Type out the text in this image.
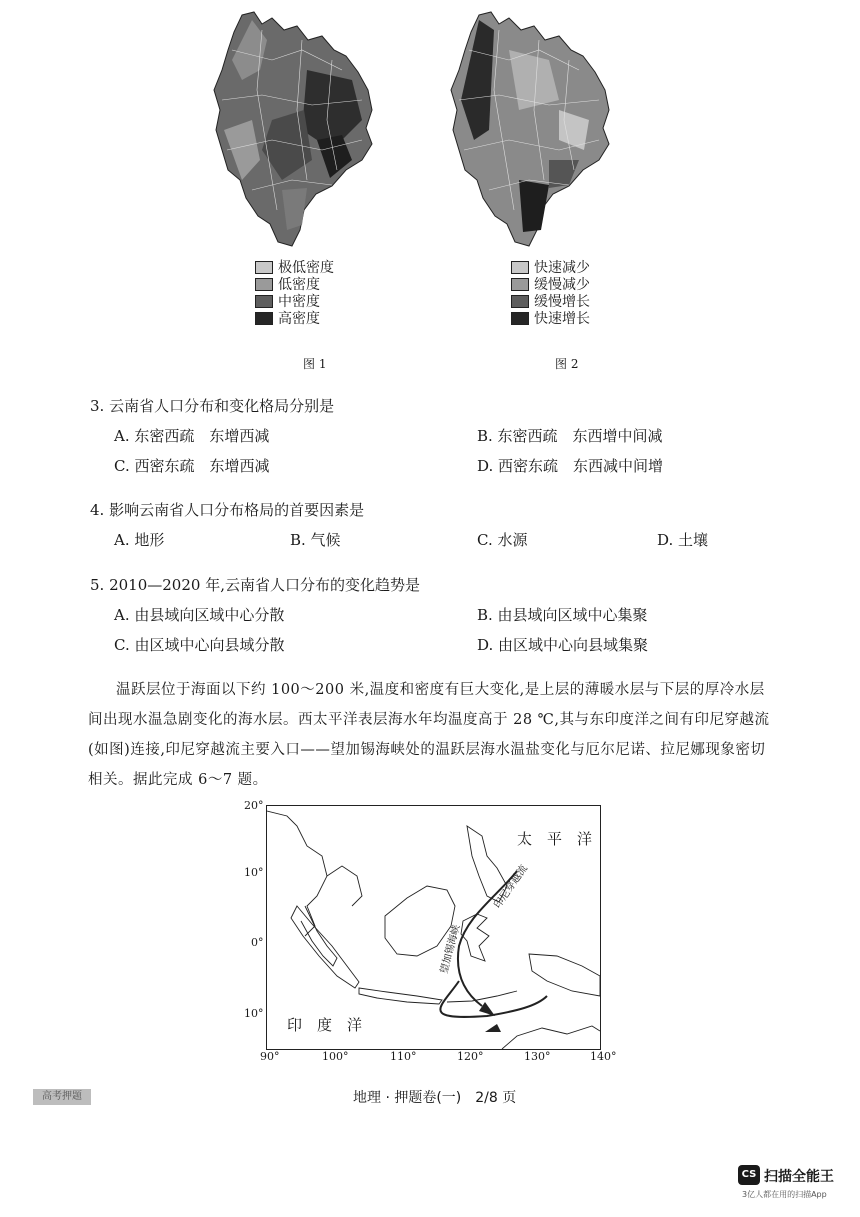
极低密度
低密度
中密度
高密度
快速减少
缓慢减少
缓慢增长
快速增长
图 1	图 2
3. 云南省人口分布和变化格局分别是
A. 东密西疏　东增西减	B. 东密西疏　东西增中间减
C. 西密东疏　东增西减	D. 西密东疏　东西减中间增
4. 影响云南省人口分布格局的首要因素是
A. 地形	B. 气候	C. 水源	D. 土壤
5. 2010—2020 年,云南省人口分布的变化趋势是
A. 由县域向区域中心分散	B. 由县域向区域中心集聚
C. 由区域中心向县域分散	D. 由区域中心向县域集聚
温跃层位于海面以下约 100～200 米,温度和密度有巨大变化,是上层的薄暖水层与下层的厚冷水层间出现水温急剧变化的海水层。西太平洋表层海水年均温度高于 28 ℃,其与东印度洋之间有印尼穿越流(如图)连接,印尼穿越流主要入口——望加锡海峡处的温跃层海水温盐变化与厄尔尼诺、拉尼娜现象密切相关。据此完成 6～7 题。
太　平　洋
印　度　洋
印尼穿越流
望加锡海峡
20°
10°
0°
10°
90°	100°	110°	120°	130°	140°
高考押题	地理 · 押题卷(一)　2/8 页
CS 扫描全能王
3亿人都在用的扫描App
